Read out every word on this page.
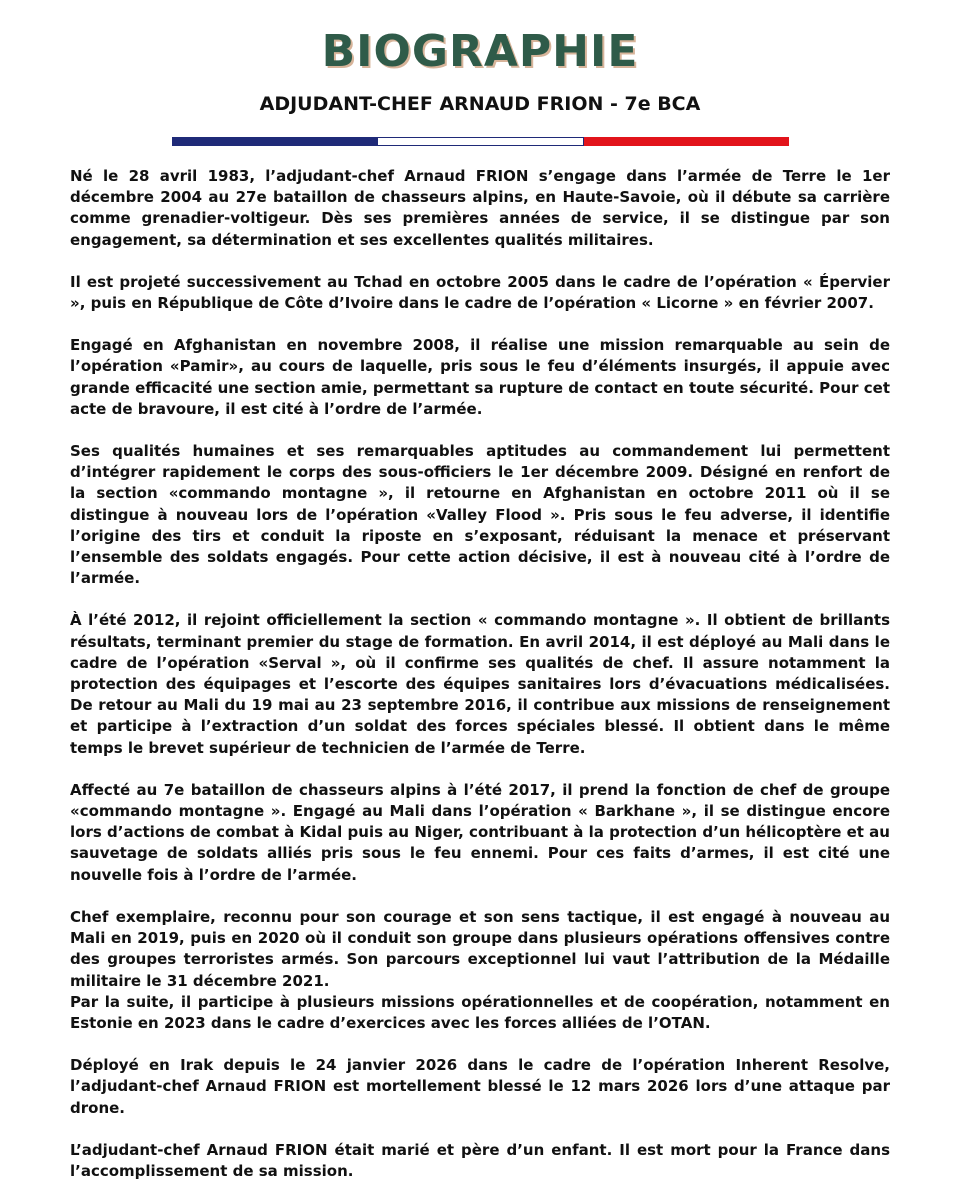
BIOGRAPHIE
ADJUDANT-CHEF ARNAUD FRION - 7e BCA

Né le 28 avril 1983, l’adjudant-chef Arnaud FRION s’engage dans l’armée de Terre le 1er décembre 2004 au 27e bataillon de chasseurs alpins, en Haute-Savoie, où il débute sa carrière comme grenadier-voltigeur. Dès ses premières années de service, il se distingue par son engagement, sa détermination et ses excellentes qualités militaires.

Il est projeté successivement au Tchad en octobre 2005 dans le cadre de l’opération « Épervier », puis en République de Côte d’Ivoire dans le cadre de l’opération « Licorne » en février 2007.

Engagé en Afghanistan en novembre 2008, il réalise une mission remarquable au sein de l’opération «Pamir», au cours de laquelle, pris sous le feu d’éléments insurgés, il appuie avec grande efficacité une section amie, permettant sa rupture de contact en toute sécurité. Pour cet acte de bravoure, il est cité à l’ordre de l’armée.

Ses qualités humaines et ses remarquables aptitudes au commandement lui permettent d’intégrer rapidement le corps des sous-officiers le 1er décembre 2009. Désigné en renfort de la section «commando montagne », il retourne en Afghanistan en octobre 2011 où il se distingue à nouveau lors de l’opération «Valley Flood ». Pris sous le feu adverse, il identifie l’origine des tirs et conduit la riposte en s’exposant, réduisant la menace et préservant l’ensemble des soldats engagés. Pour cette action décisive, il est à nouveau cité à l’ordre de l’armée.

À l’été 2012, il rejoint officiellement la section « commando montagne ». Il obtient de brillants résultats, terminant premier du stage de formation. En avril 2014, il est déployé au Mali dans le cadre de l’opération «Serval », où il confirme ses qualités de chef. Il assure notamment la protection des équipages et l’escorte des équipes sanitaires lors d’évacuations médicalisées. De retour au Mali du 19 mai au 23 septembre 2016, il contribue aux missions de renseignement et participe à l’extraction d’un soldat des forces spéciales blessé. Il obtient dans le même temps le brevet supérieur de technicien de l’armée de Terre.

Affecté au 7e bataillon de chasseurs alpins à l’été 2017, il prend la fonction de chef de groupe «commando montagne ». Engagé au Mali dans l’opération « Barkhane », il se distingue encore lors d’actions de combat à Kidal puis au Niger, contribuant à la protection d’un hélicoptère et au sauvetage de soldats alliés pris sous le feu ennemi. Pour ces faits d’armes, il est cité une nouvelle fois à l’ordre de l’armée.

Chef exemplaire, reconnu pour son courage et son sens tactique, il est engagé à nouveau au Mali en 2019, puis en 2020 où il conduit son groupe dans plusieurs opérations offensives contre des groupes terroristes armés. Son parcours exceptionnel lui vaut l’attribution de la Médaille militaire le 31 décembre 2021.

Par la suite, il participe à plusieurs missions opérationnelles et de coopération, notamment en Estonie en 2023 dans le cadre d’exercices avec les forces alliées de l’OTAN.

Déployé en Irak depuis le 24 janvier 2026 dans le cadre de l’opération Inherent Resolve, l’adjudant-chef Arnaud FRION est mortellement blessé le 12 mars 2026 lors d’une attaque par drone.

L’adjudant-chef Arnaud FRION était marié et père d’un enfant. Il est mort pour la France dans l’accomplissement de sa mission.
